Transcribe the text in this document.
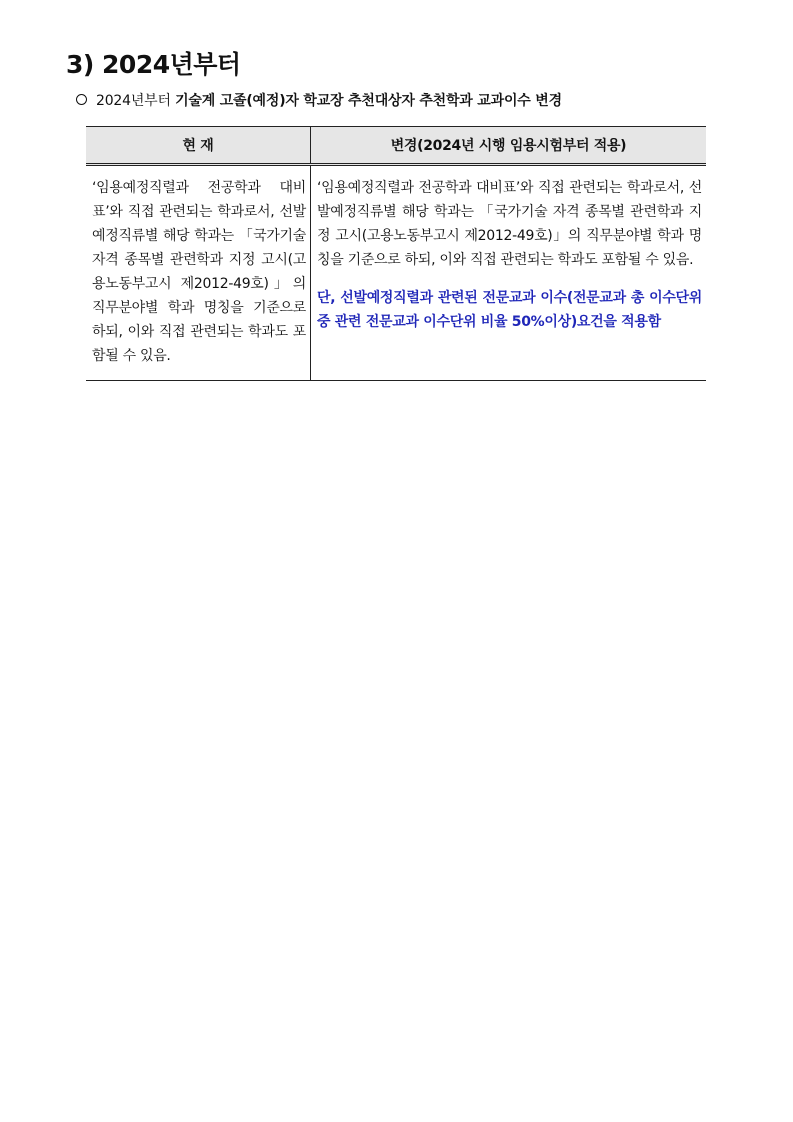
3) 2024년부터
2024년부터 기술계 고졸(예정)자 학교장 추천대상자 추천학과 교과이수 변경
현 재	변경(2024년 시행 임용시험부터 적용)
‘임용예정직렬과 전공학과 대비표’와 직접 관련되는 학과로서, 선발예정직류별 해당 학과는 「국가기술 자격 종목별 관련학과 지정 고시(고용노동부고시 제2012-49호)」의 직무분야별 학과 명칭을 기준으로 하되, 이와 직접 관련되는 학과도 포함될 수 있음.	‘임용예정직렬과 전공학과 대비표’와 직접 관련되는 학과로서, 선발예정직류별 해당 학과는 「국가기술 자격 종목별 관련학과 지정 고시(고용노동부고시 제2012-49호)」의 직무분야별 학과 명칭을 기준으로 하되, 이와 직접 관련되는 학과도 포함될 수 있음.
단, 선발예정직렬과 관련된 전문교과 이수(전문교과 총 이수단위 중 관련 전문교과 이수단위 비율 50%이상)요건을 적용함
